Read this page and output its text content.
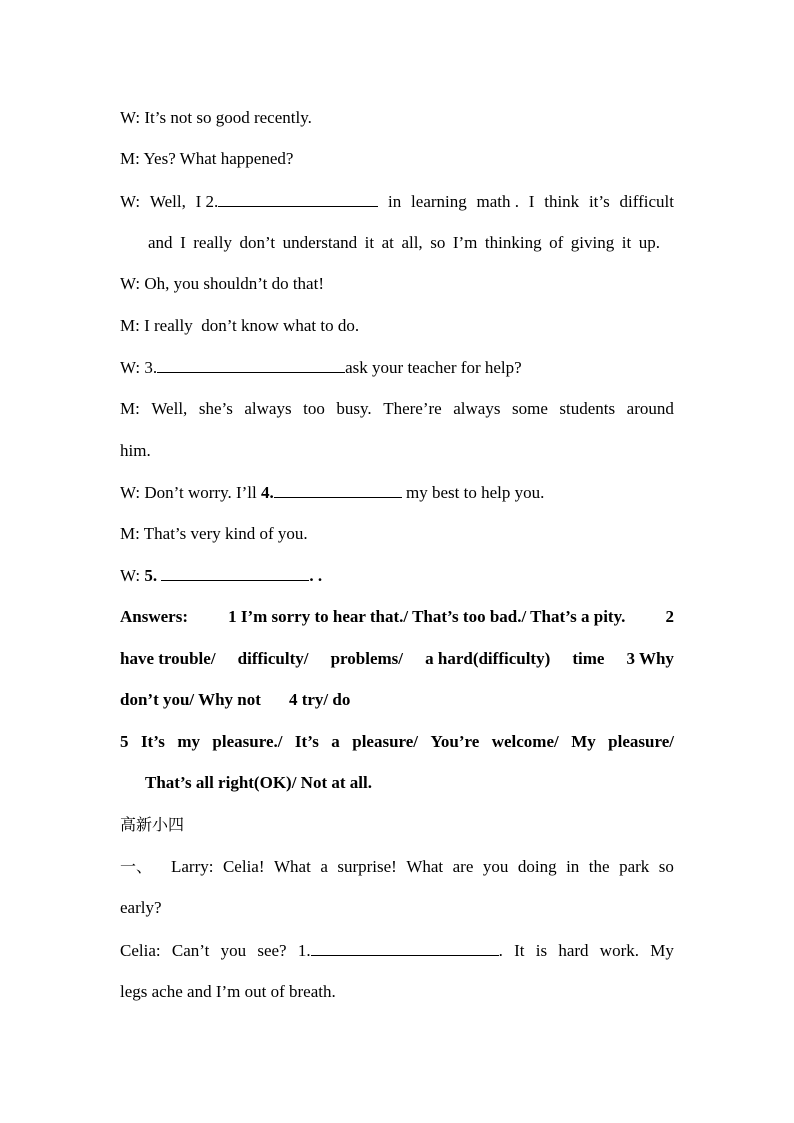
W: It’s not so good recently.
M: Yes? What happened?
W: Well, I 2.	in learning math . I think it’s difficult
and I really don’t understand it at all, so I’m thinking of giving it up.
W: Oh, you shouldn’t do that!
M: I really  don’t know what to do.
W: 3.	ask your teacher for help?
M: Well, she’s always too busy. There’re always some students around
him.
W: Don’t worry. I’ll 4.	my best to help you.
M: That’s very kind of you.
W: 5.	. .
Answers: 1 I’m sorry to hear that./ That’s too bad./ That’s a pity. 2
have trouble/ difficulty/ problems/ a hard(difficulty) time 3 Why
don’t you/ Why not 4 try/ do
5 It’s my pleasure./ It’s a pleasure/ You’re welcome/ My pleasure/
That’s all right(OK)/ Not at all.
高新小四
一、	Larry: Celia! What a surprise! What are you doing in the park so
early?
Celia: Can’t you see? 1.	. It is hard work. My
legs ache and I’m out of breath.
